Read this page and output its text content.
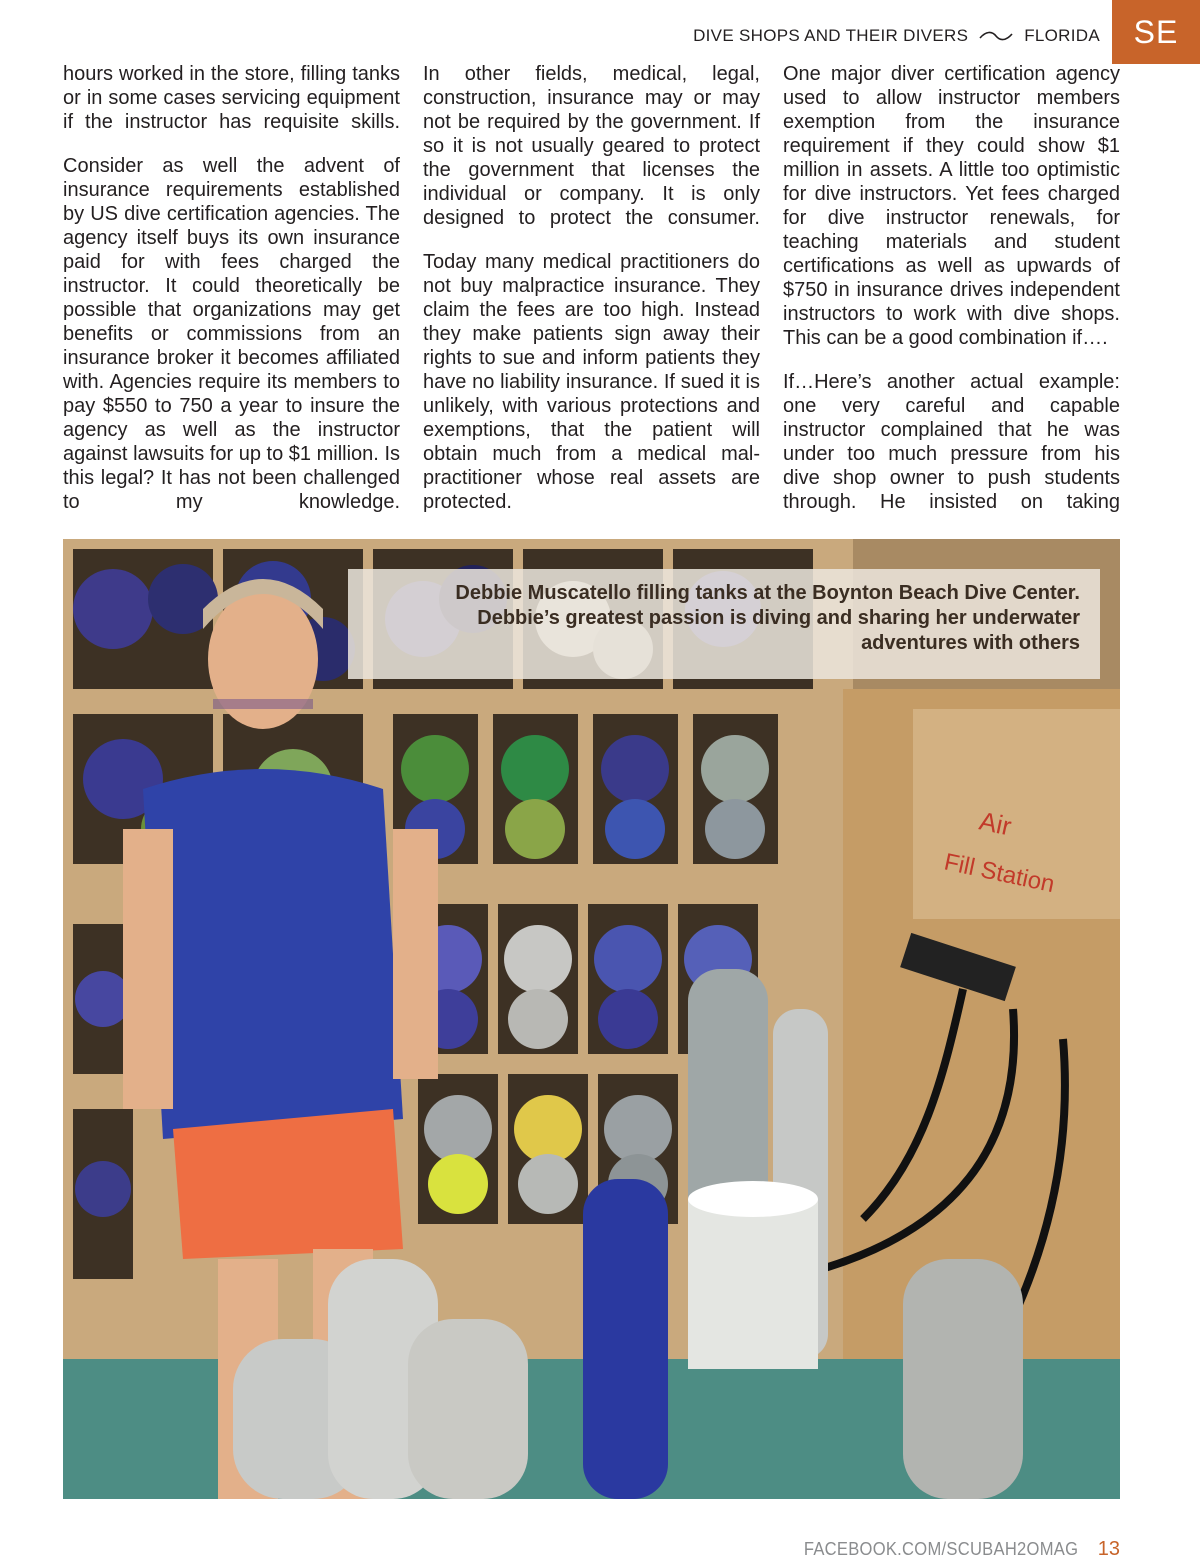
DIVE SHOPS AND THEIR DIVERS	FLORIDA	SE

hours worked in the store, filling tanks or in some cases servicing equipment if the instructor has requisite skills.

Consider as well the advent of insurance requirements established by US dive certification agencies. The agency itself buys its own insurance paid for with fees charged the instructor. It could theoretically be possible that organizations may get benefits or commissions from an insurance broker it becomes affiliated with. Agencies require its members to pay $550 to 750 a year to insure the agency as well as the instructor against lawsuits for up to $1 million. Is this legal? It has not been challenged to my knowledge.

In other fields, medical, legal, construction, insurance may or may not be required by the government. If so it is not usually geared to protect the government that licenses the individual or company. It is only designed to protect the consumer.

Today many medical practitioners do not buy malpractice insurance. They claim the fees are too high. Instead they make patients sign away their rights to sue and inform patients they have no liability insurance. If sued it is unlikely, with various protections and exemptions, that the patient will obtain much from a medical mal-practitioner whose real assets are protected.

One major diver certification agency used to allow instructor members exemption from the insurance requirement if they could show $1 million in assets. A little too optimistic for dive instructors. Yet fees charged for dive instructor renewals, for teaching materials and student certifications as well as upwards of $750 in insurance drives independent instructors to work with dive shops. This can be a good combination if….

If…Here’s another actual example: one very careful and capable instructor complained that he was under too much pressure from his dive shop owner to push students through. He insisted on taking

Air
Fill Station
Debbie Muscatello filling tanks at the Boynton Beach Dive Center.
Debbie’s greatest passion is diving and sharing her underwater
adventures with others
FACEBOOK.COM/SCUBAH2OMAG 13
